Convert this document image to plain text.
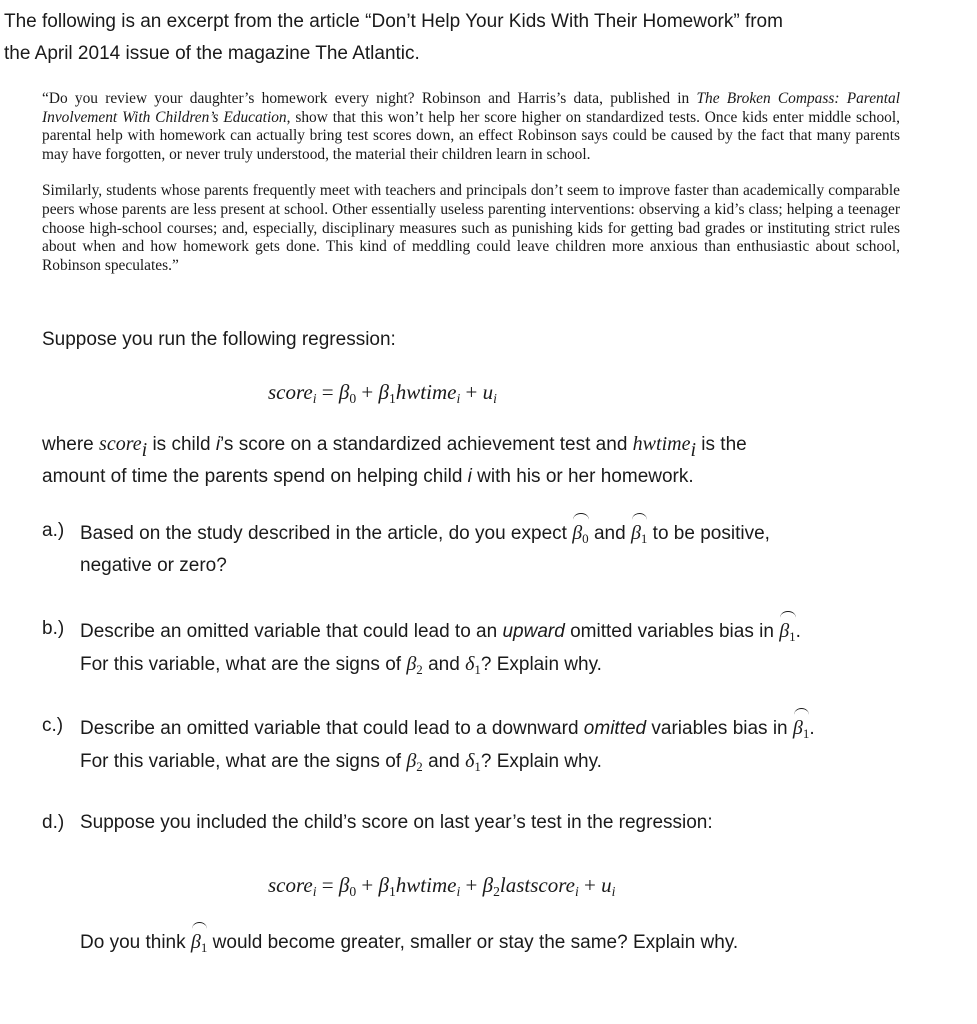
The following is an excerpt from the article “Don’t Help Your Kids With Their Homework” from
the April 2014 issue of the magazine The Atlantic.

“Do you review your daughter’s homework every night? Robinson and Harris’s data, published in The Broken Compass: Parental Involvement With Children’s Education, show that this won’t help her score higher on standardized tests. Once kids enter middle school, parental help with homework can actually bring test scores down, an effect Robinson says could be caused by the fact that many parents may have forgotten, or never truly understood, the material their children learn in school.

Similarly, students whose parents frequently meet with teachers and principals don’t seem to improve faster than academically comparable peers whose parents are less present at school. Other essentially useless parenting interventions: observing a kid’s class; helping a teenager choose high-school courses; and, especially, disciplinary measures such as punishing kids for getting bad grades or instituting strict rules about when and how homework gets done. This kind of meddling could leave children more anxious than enthusiastic about school, Robinson speculates.”

Suppose you run the following regression:

score$_i$ = $\beta_0$ + $\beta_1hwtime_i + u_i$

where score$_i$ is child i’s score on a standardized achievement test and hwtime$_i$ is the
amount of time the parents spend on helping child i with his or her homework.

a.) Based on the study described in the article, do you expect $\beta_0$ and $\beta_1$ to be positive,
negative or zero?
b.) Describe an omitted variable that could lead to an upward omitted variables bias in $\beta_1$.
For this variable, what are the signs of $\beta_2$ and $\delta_1$? Explain why.
c.) Describe an omitted variable that could lead to a downward omitted variables bias in $\beta_1$.
For this variable, what are the signs of $\beta_2$ and $\delta_1$? Explain why.
d.) Suppose you included the child’s score on last year’s test in the regression:
score$_i$ = $\beta_0$ + $\beta_1hwtime_i$ + $\beta_2lastscore_i + u_i$

Do you think $\beta_1$ would become greater, smaller or stay the same? Explain why.
